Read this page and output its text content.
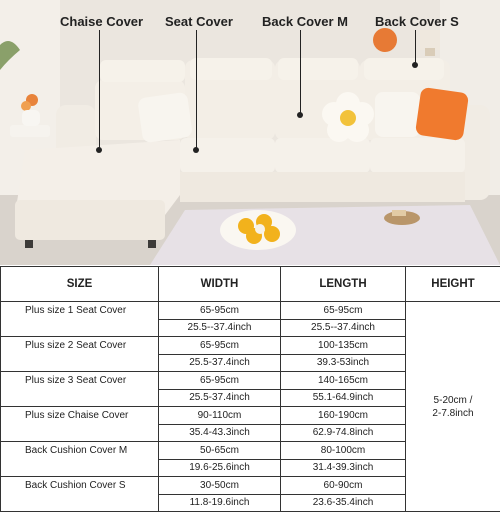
Chaise Cover Seat Cover Back Cover M Back Cover S
SIZE	WIDTH	LENGTH	HEIGHT
Plus size 1 Seat Cover	65-95cm	65-95cm	5-20cm /
2-7.8inch
	25.5--37.4inch	25.5--37.4inch	
Plus size 2 Seat Cover	65-95cm	100-135cm	
	25.5-37.4inch	39.3-53inch	
Plus size 3 Seat Cover	65-95cm	140-165cm	
	25.5-37.4inch	55.1-64.9inch	
Plus size Chaise Cover	90-110cm	160-190cm	
	35.4-43.3inch	62.9-74.8inch	
Back Cushion Cover M	50-65cm	80-100cm	
	19.6-25.6inch	31.4-39.3inch	
Back Cushion Cover S	30-50cm	60-90cm	
	11.8-19.6inch	23.6-35.4inch	
